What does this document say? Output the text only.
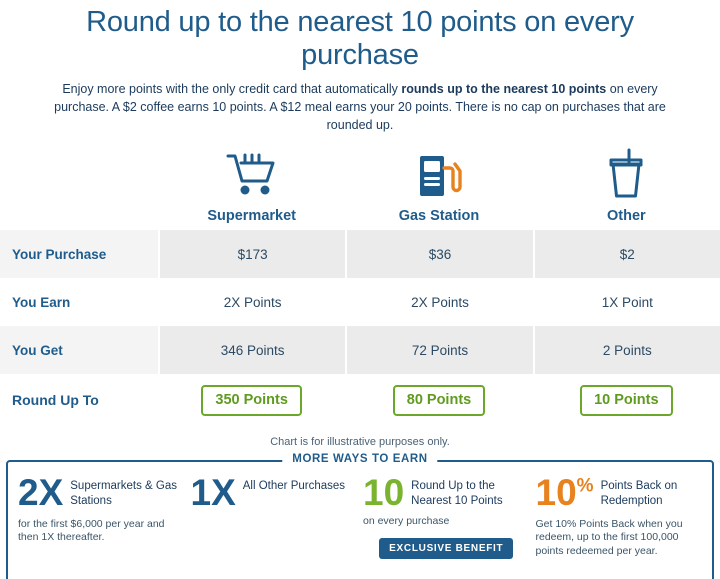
Round up to the nearest 10 points on every purchase
Enjoy more points with the only credit card that automatically rounds up to the nearest 10 points on every purchase. A $2 coffee earns 10 points. A $12 meal earns your 20 points. There is no cap on purchases that are rounded up.
Supermarket	Gas Station	Other
Your Purchase	$173	$36	$2
You Earn	2X Points	2X Points	1X Point
You Get	346 Points	72 Points	2 Points
Round Up To	350 Points	80 Points	10 Points
Chart is for illustrative purposes only.
MORE WAYS TO EARN
2X Supermarkets & Gas Stations
for the first $6,000 per year and then 1X thereafter.
1X All Other Purchases 10 Round Up to the Nearest 10 Points
on every purchase
EXCLUSIVE BENEFIT
10% Points Back on Redemption
Get 10% Points Back when you redeem, up to the first 100,000 points redeemed per year.
